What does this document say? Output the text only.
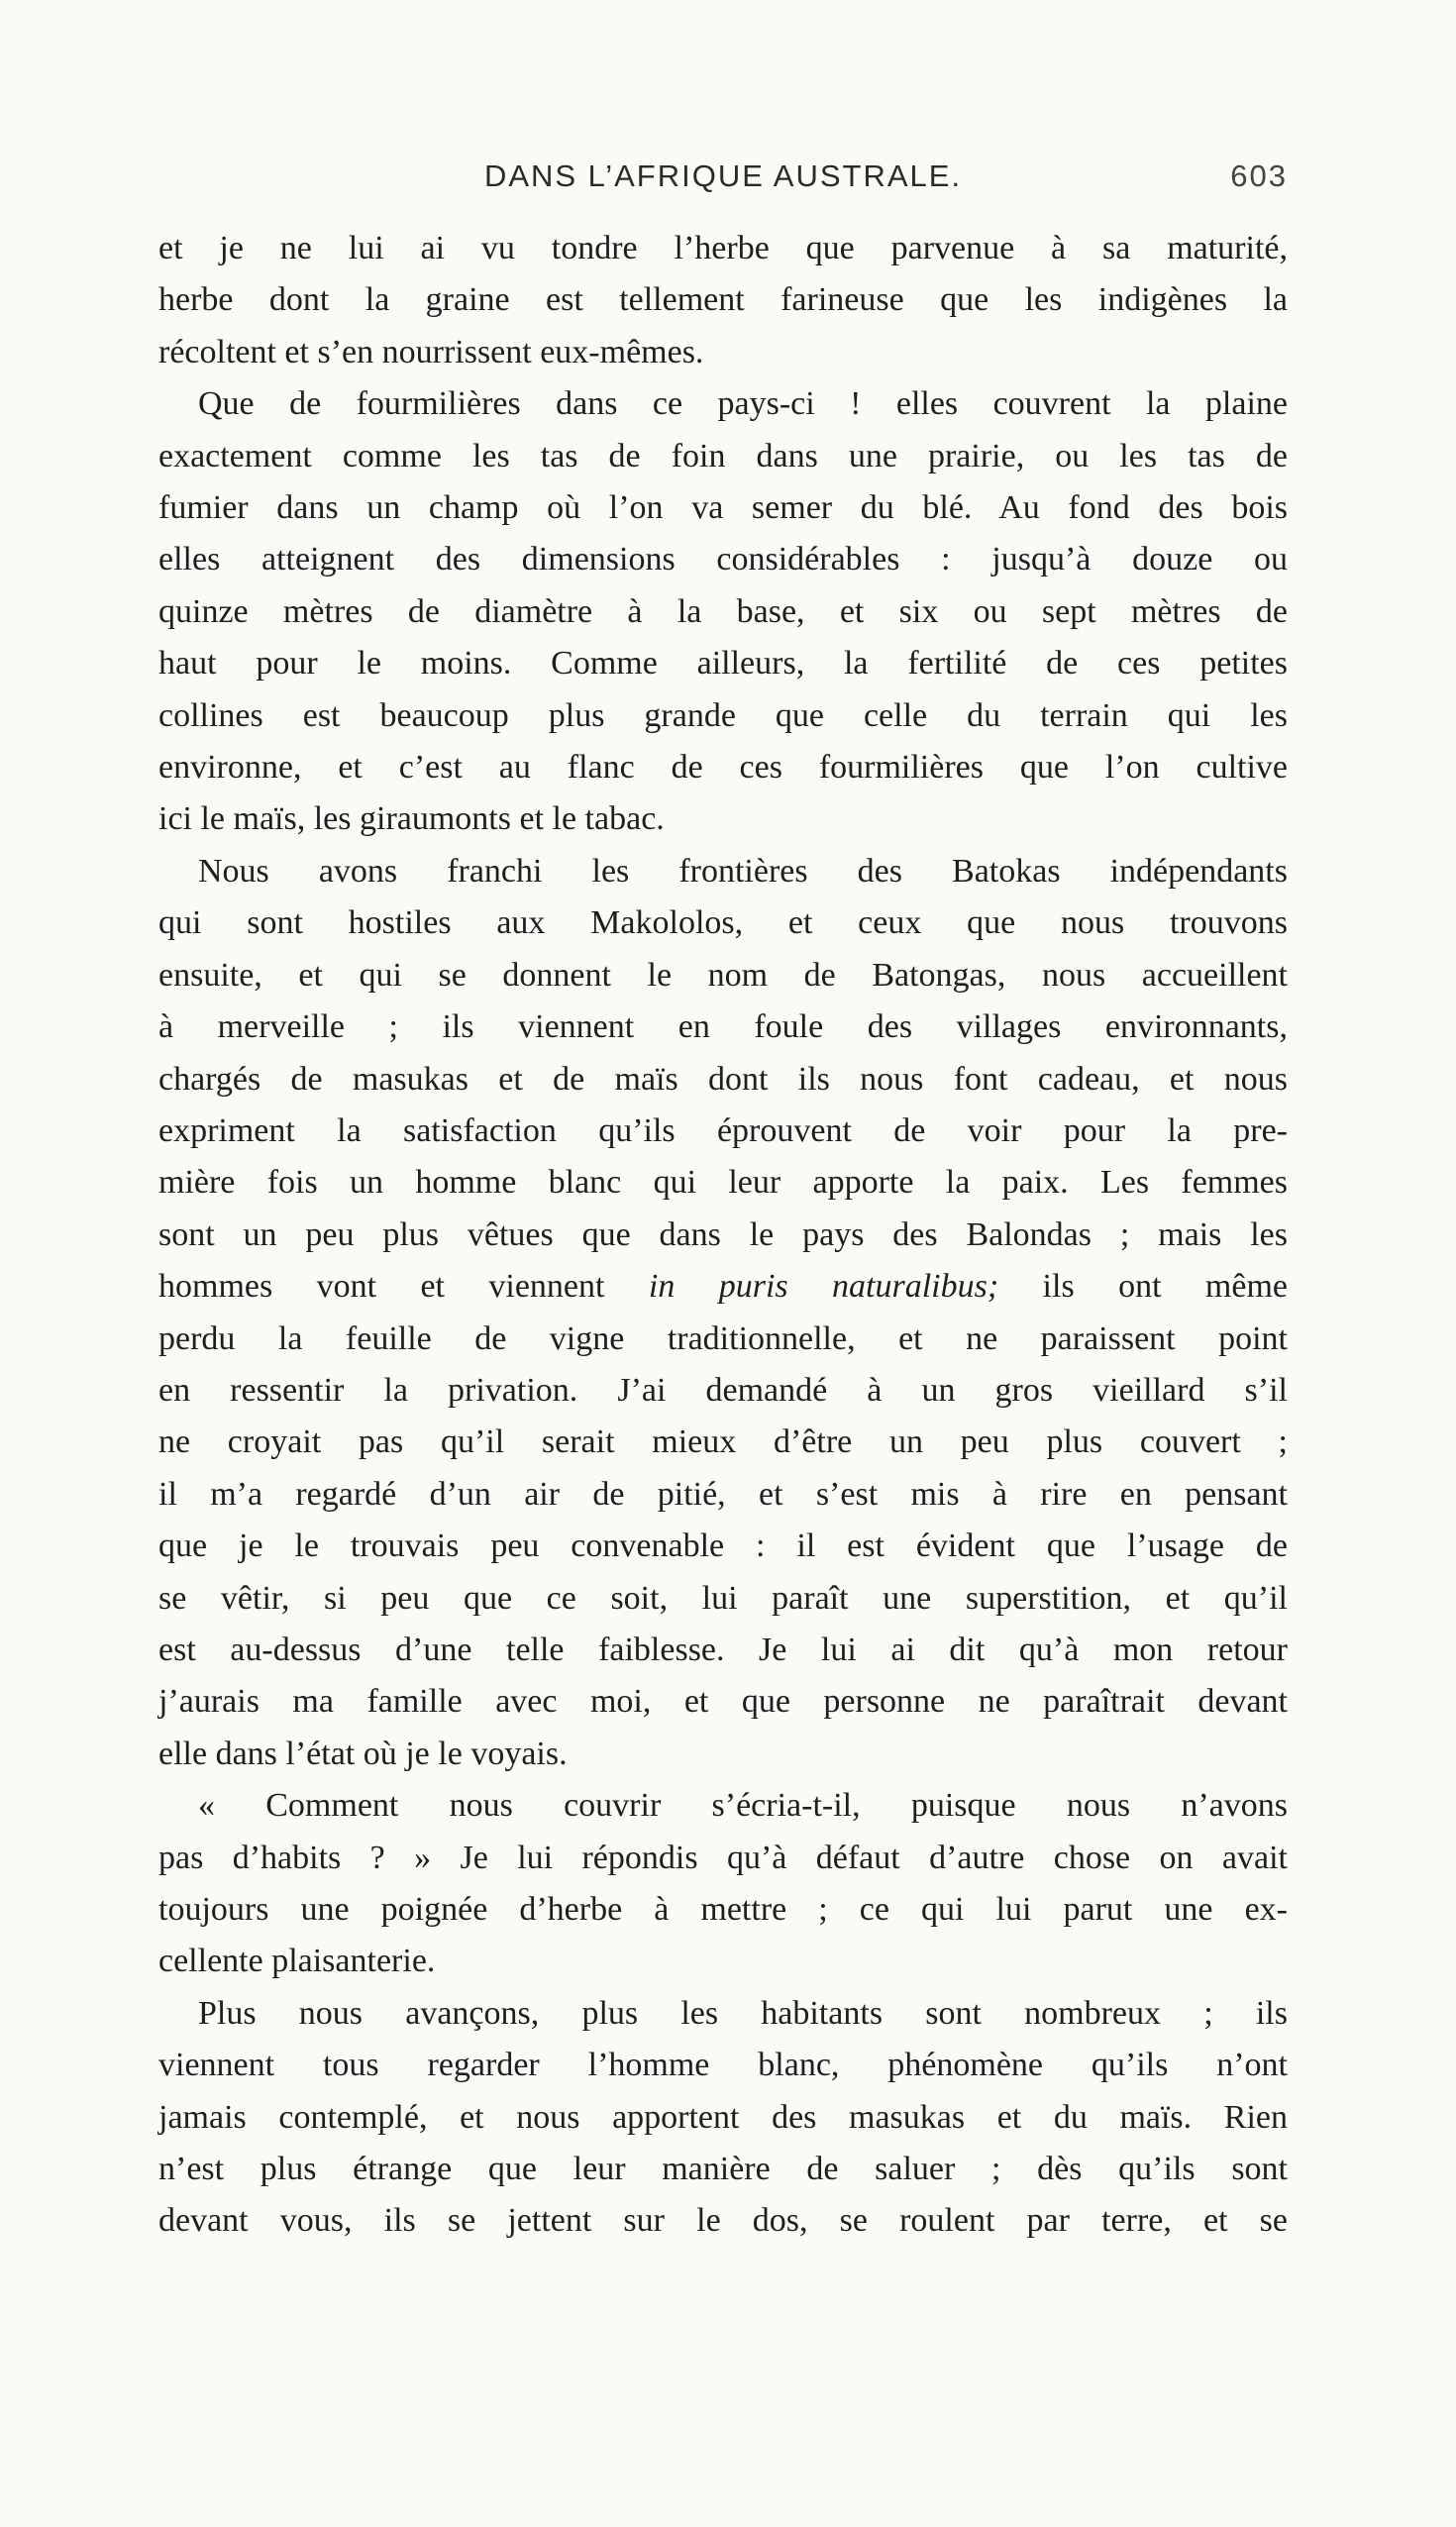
DANS L’AFRIQUE AUSTRALE.	603

et je ne lui ai vu tondre l’herbe que parvenue à sa maturité,
herbe dont la graine est tellement farineuse que les indigènes la
récoltent et s’en nourrissent eux-mêmes.

Que de fourmilières dans ce pays-ci ! elles couvrent la plaine
exactement comme les tas de foin dans une prairie, ou les tas de
fumier dans un champ où l’on va semer du blé. Au fond des bois
elles atteignent des dimensions considérables : jusqu’à douze ou
quinze mètres de diamètre à la base, et six ou sept mètres de
haut pour le moins. Comme ailleurs, la fertilité de ces petites
collines est beaucoup plus grande que celle du terrain qui les
environne, et c’est au flanc de ces fourmilières que l’on cultive
ici le maïs, les giraumonts et le tabac.

Nous avons franchi les frontières des Batokas indépendants
qui sont hostiles aux Makololos, et ceux que nous trouvons
ensuite, et qui se donnent le nom de Batongas, nous accueillent
à merveille ; ils viennent en foule des villages environnants,
chargés de masukas et de maïs dont ils nous font cadeau, et nous
expriment la satisfaction qu’ils éprouvent de voir pour la pre-
mière fois un homme blanc qui leur apporte la paix. Les femmes
sont un peu plus vêtues que dans le pays des Balondas ; mais les
hommes vont et viennent in puris naturalibus; ils ont même
perdu la feuille de vigne traditionnelle, et ne paraissent point
en ressentir la privation. J’ai demandé à un gros vieillard s’il
ne croyait pas qu’il serait mieux d’être un peu plus couvert ;
il m’a regardé d’un air de pitié, et s’est mis à rire en pensant
que je le trouvais peu convenable : il est évident que l’usage de
se vêtir, si peu que ce soit, lui paraît une superstition, et qu’il
est au-dessus d’une telle faiblesse. Je lui ai dit qu’à mon retour
j’aurais ma famille avec moi, et que personne ne paraîtrait devant
elle dans l’état où je le voyais.

« Comment nous couvrir s’écria-t-il, puisque nous n’avons
pas d’habits ? » Je lui répondis qu’à défaut d’autre chose on avait
toujours une poignée d’herbe à mettre ; ce qui lui parut une ex-
cellente plaisanterie.

Plus nous avançons, plus les habitants sont nombreux ; ils
viennent tous regarder l’homme blanc, phénomène qu’ils n’ont
jamais contemplé, et nous apportent des masukas et du maïs. Rien
n’est plus étrange que leur manière de saluer ; dès qu’ils sont
devant vous, ils se jettent sur le dos, se roulent par terre, et se
